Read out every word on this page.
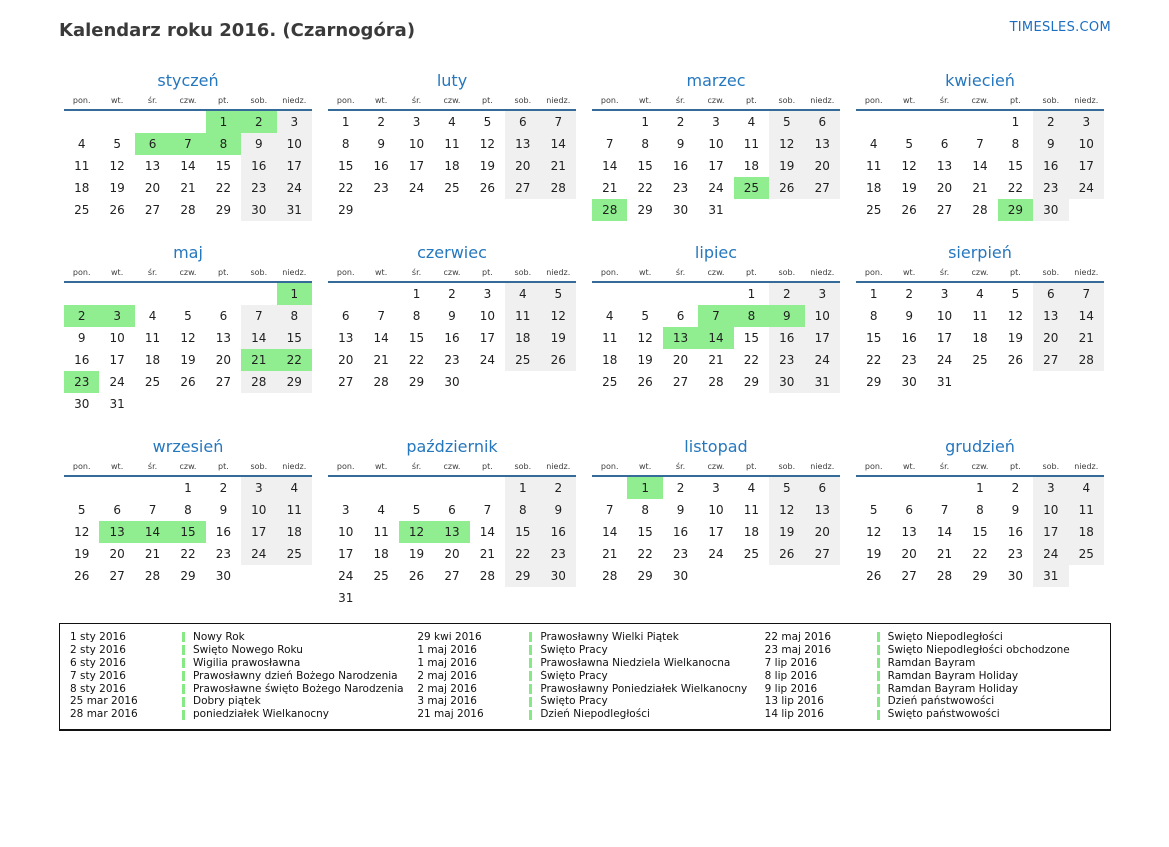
Kalendarz roku 2016. (Czarnogóra)	TIMESLES.COM
styczeń
pon.	wt.	śr.	czw.	pt.	sob.	niedz.
				1	2	3
4	5	6	7	8	9	10
11	12	13	14	15	16	17
18	19	20	21	22	23	24
25	26	27	28	29	30	31
luty
pon.	wt.	śr.	czw.	pt.	sob.	niedz.
1	2	3	4	5	6	7
8	9	10	11	12	13	14
15	16	17	18	19	20	21
22	23	24	25	26	27	28
29						
marzec
pon.	wt.	śr.	czw.	pt.	sob.	niedz.
	1	2	3	4	5	6
7	8	9	10	11	12	13
14	15	16	17	18	19	20
21	22	23	24	25	26	27
28	29	30	31			
kwiecień
pon.	wt.	śr.	czw.	pt.	sob.	niedz.
				1	2	3
4	5	6	7	8	9	10
11	12	13	14	15	16	17
18	19	20	21	22	23	24
25	26	27	28	29	30	
maj
pon.	wt.	śr.	czw.	pt.	sob.	niedz.
						1
2	3	4	5	6	7	8
9	10	11	12	13	14	15
16	17	18	19	20	21	22
23	24	25	26	27	28	29
30	31					
czerwiec
pon.	wt.	śr.	czw.	pt.	sob.	niedz.
		1	2	3	4	5
6	7	8	9	10	11	12
13	14	15	16	17	18	19
20	21	22	23	24	25	26
27	28	29	30			
lipiec
pon.	wt.	śr.	czw.	pt.	sob.	niedz.
				1	2	3
4	5	6	7	8	9	10
11	12	13	14	15	16	17
18	19	20	21	22	23	24
25	26	27	28	29	30	31
sierpień
pon.	wt.	śr.	czw.	pt.	sob.	niedz.
1	2	3	4	5	6	7
8	9	10	11	12	13	14
15	16	17	18	19	20	21
22	23	24	25	26	27	28
29	30	31				
wrzesień
pon.	wt.	śr.	czw.	pt.	sob.	niedz.
			1	2	3	4
5	6	7	8	9	10	11
12	13	14	15	16	17	18
19	20	21	22	23	24	25
26	27	28	29	30		
październik
pon.	wt.	śr.	czw.	pt.	sob.	niedz.
					1	2
3	4	5	6	7	8	9
10	11	12	13	14	15	16
17	18	19	20	21	22	23
24	25	26	27	28	29	30
31						
listopad
pon.	wt.	śr.	czw.	pt.	sob.	niedz.
	1	2	3	4	5	6
7	8	9	10	11	12	13
14	15	16	17	18	19	20
21	22	23	24	25	26	27
28	29	30				
grudzień
pon.	wt.	śr.	czw.	pt.	sob.	niedz.
			1	2	3	4
5	6	7	8	9	10	11
12	13	14	15	16	17	18
19	20	21	22	23	24	25
26	27	28	29	30	31	
1 sty 2016	Nowy Rok
2 sty 2016	Święto Nowego Roku
6 sty 2016	Wigilia prawosławna
7 sty 2016	Prawosławny dzień Bożego Narodzenia
8 sty 2016	Prawosławne święto Bożego Narodzenia
25 mar 2016	Dobry piątek
28 mar 2016	poniedziałek Wielkanocny
29 kwi 2016	Prawosławny Wielki Piątek
1 maj 2016	Święto Pracy
1 maj 2016	Prawosławna Niedziela Wielkanocna
2 maj 2016	Święto Pracy
2 maj 2016	Prawosławny Poniedziałek Wielkanocny
3 maj 2016	Święto Pracy
21 maj 2016	Dzień Niepodległości
22 maj 2016	Święto Niepodległości
23 maj 2016	Święto Niepodległości obchodzone
7 lip 2016	Ramdan Bayram
8 lip 2016	Ramdan Bayram Holiday
9 lip 2016	Ramdan Bayram Holiday
13 lip 2016	Dzień państwowości
14 lip 2016	Święto państwowości
